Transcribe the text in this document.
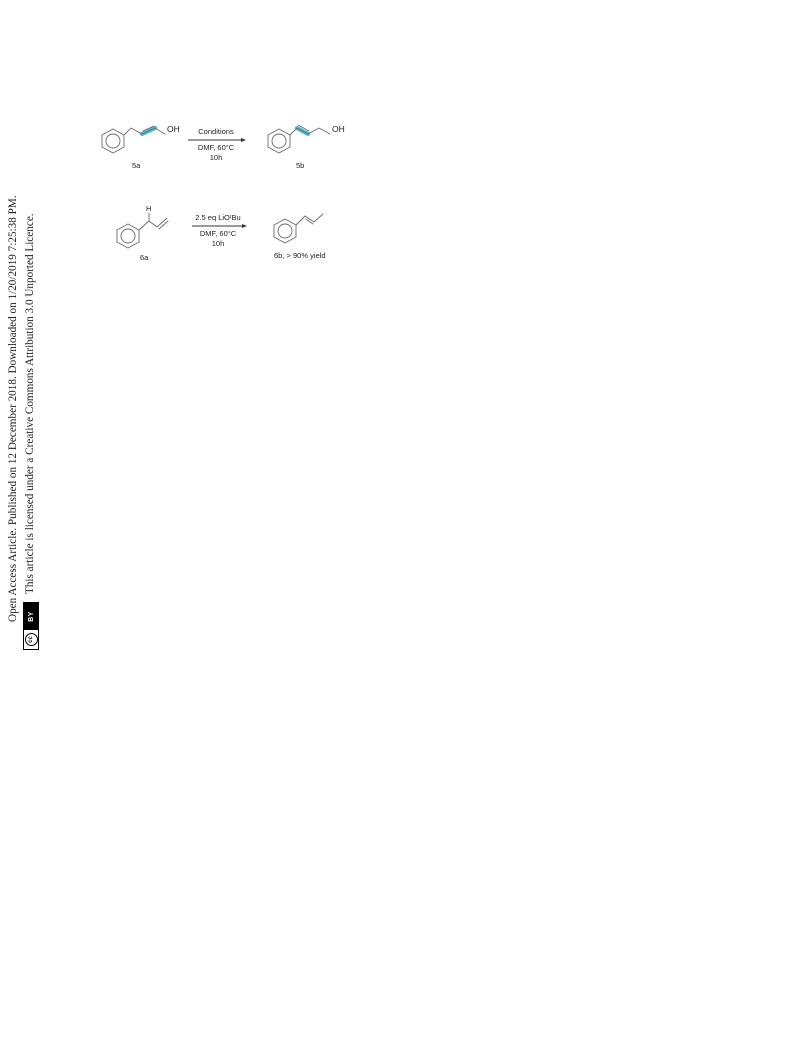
Open Access Article. Published on 12 December 2018. Downloaded on 1/20/2019 7:25:38 PM.
cc
BY
This article is licensed under a Creative Commons Attribution 3.0 Unported Licence.
OH
5a
Conditions
DMF, 60°C
10h
OH
5b
H
6a
2.5 eq LiOᵗBu
DMF, 60°C
10h
6b, > 90% yield
